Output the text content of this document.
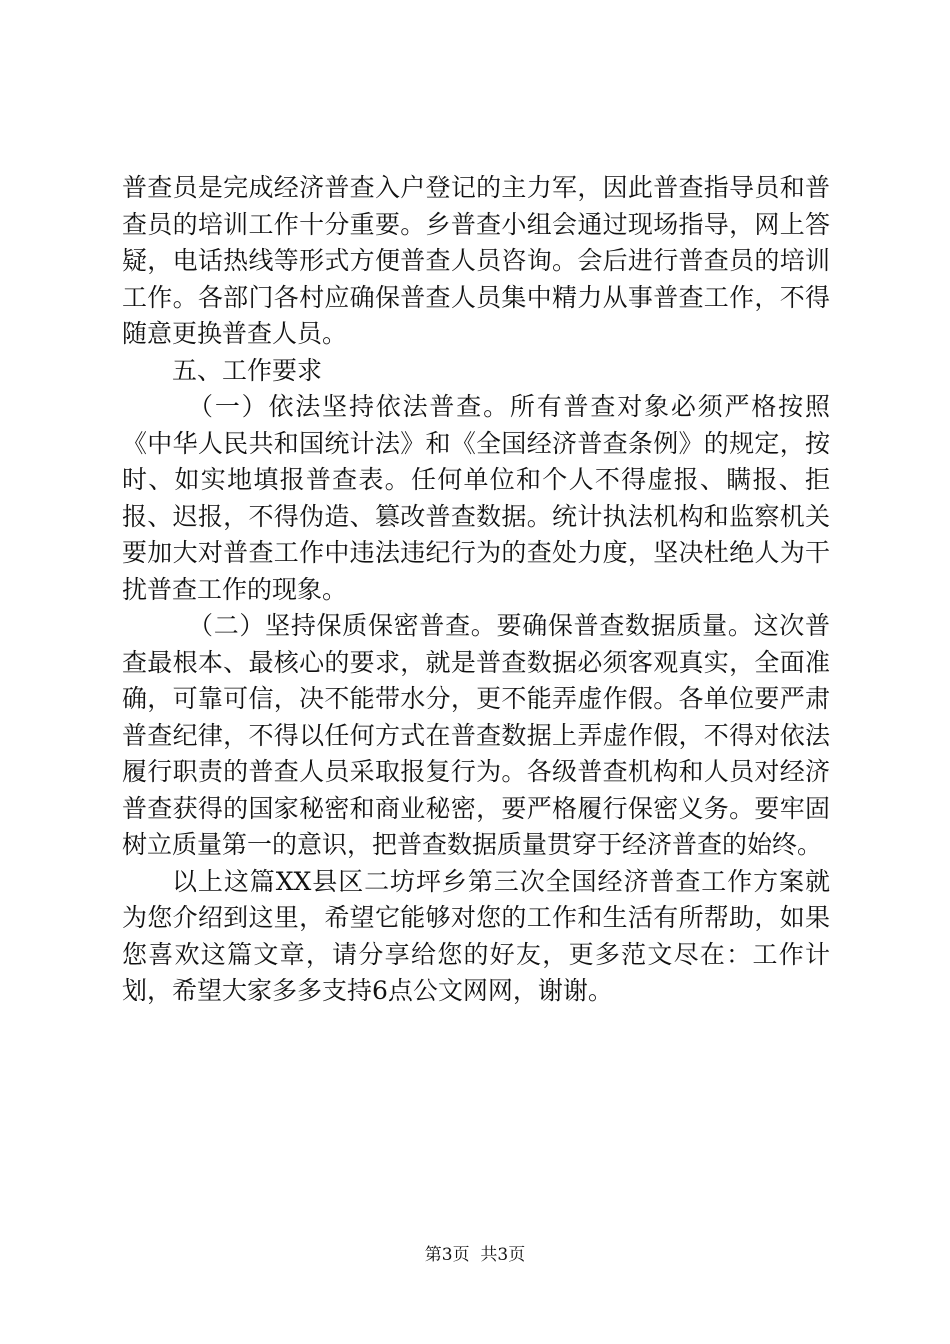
普查员是完成经济普查入户登记的主力军，因此普查指导员和普查员的培训工作十分重要。乡普查小组会通过现场指导，网上答疑，电话热线等形式方便普查人员咨询。会后进行普查员的培训工作。各部门各村应确保普查人员集中精力从事普查工作，不得随意更换普查人员。

五、工作要求

（一）依法坚持依法普查。所有普查对象必须严格按照《中华人民共和国统计法》和《全国经济普查条例》的规定，按时、如实地填报普查表。任何单位和个人不得虚报、瞒报、拒报、迟报，不得伪造、篡改普查数据。统计执法机构和监察机关要加大对普查工作中违法违纪行为的查处力度，坚决杜绝人为干扰普查工作的现象。

（二）坚持保质保密普查。要确保普查数据质量。这次普查最根本、最核心的要求，就是普查数据必须客观真实，全面准确，可靠可信，决不能带水分，更不能弄虚作假。各单位要严肃普查纪律，不得以任何方式在普查数据上弄虚作假，不得对依法履行职责的普查人员采取报复行为。各级普查机构和人员对经济普查获得的国家秘密和商业秘密，要严格履行保密义务。要牢固树立质量第一的意识，把普查数据质量贯穿于经济普查的始终。

以上这篇XX县区二坊坪乡第三次全国经济普查工作方案就为您介绍到这里，希望它能够对您的工作和生活有所帮助，如果您喜欢这篇文章，请分享给您的好友，更多范文尽在：工作计划，希望大家多多支持6点公文网网，谢谢。

第3页  共3页
